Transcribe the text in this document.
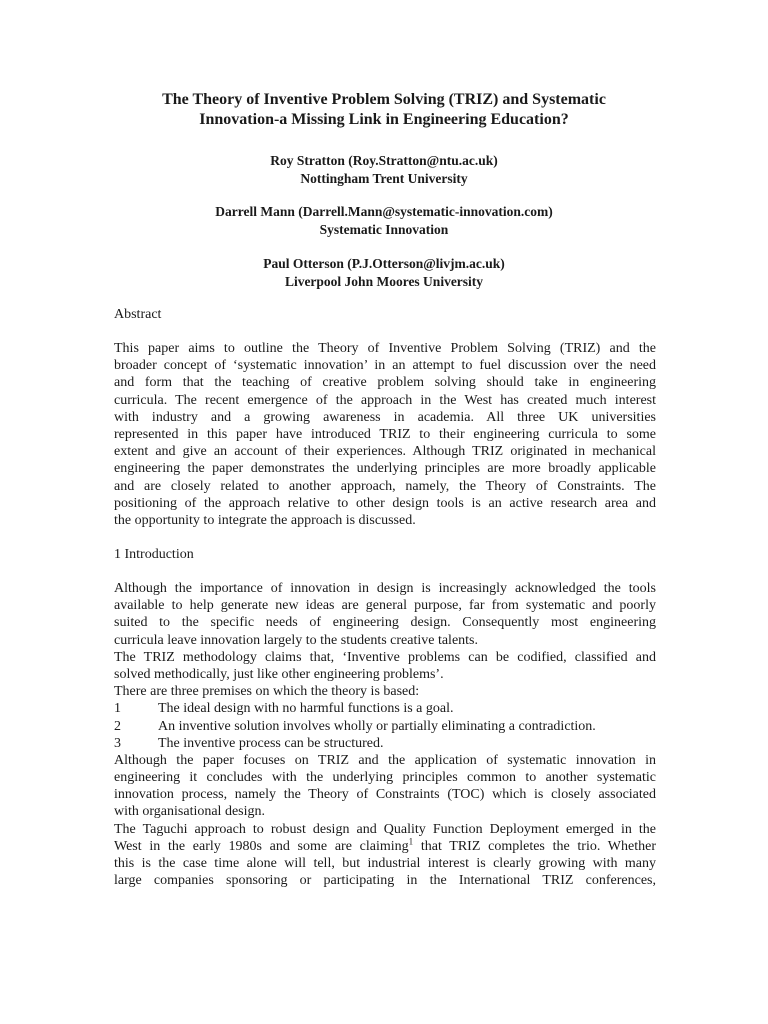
The Theory of Inventive Problem Solving (TRIZ) and Systematic
Innovation-a Missing Link in Engineering Education?
Roy Stratton (Roy.Stratton@ntu.ac.uk)
Nottingham Trent University
Darrell Mann (Darrell.Mann@systematic-innovation.com)
Systematic Innovation
Paul Otterson (P.J.Otterson@livjm.ac.uk)
Liverpool John Moores University
Abstract
This paper aims to outline the Theory of Inventive Problem Solving (TRIZ) and the
broader concept of ‘systematic innovation’ in an attempt to fuel discussion over the need
and form that the teaching of creative problem solving should take in engineering
curricula. The recent emergence of the approach in the West has created much interest
with industry and a growing awareness in academia. All three UK universities
represented in this paper have introduced TRIZ to their engineering curricula to some
extent and give an account of their experiences. Although TRIZ originated in mechanical
engineering the paper demonstrates the underlying principles are more broadly applicable
and are closely related to another approach, namely, the Theory of Constraints. The
positioning of the approach relative to other design tools is an active research area and
the opportunity to integrate the approach is discussed.
1 Introduction
Although the importance of innovation in design is increasingly acknowledged the tools
available to help generate new ideas are general purpose, far from systematic and poorly
suited to the specific needs of engineering design. Consequently most engineering
curricula leave innovation largely to the students creative talents.
The TRIZ methodology claims that, ‘Inventive problems can be codified, classified and
solved methodically, just like other engineering problems’.
There are three premises on which the theory is based:
1	The ideal design with no harmful functions is a goal.
2	An inventive solution involves wholly or partially eliminating a contradiction.
3	The inventive process can be structured.
Although the paper focuses on TRIZ and the application of systematic innovation in
engineering it concludes with the underlying principles common to another systematic
innovation process, namely the Theory of Constraints (TOC) which is closely associated
with organisational design.
The Taguchi approach to robust design and Quality Function Deployment emerged in the
West in the early 1980s and some are claiming$^1$ that TRIZ completes the trio. Whether
this is the case time alone will tell, but industrial interest is clearly growing with many
large companies sponsoring or participating in the International TRIZ conferences,
